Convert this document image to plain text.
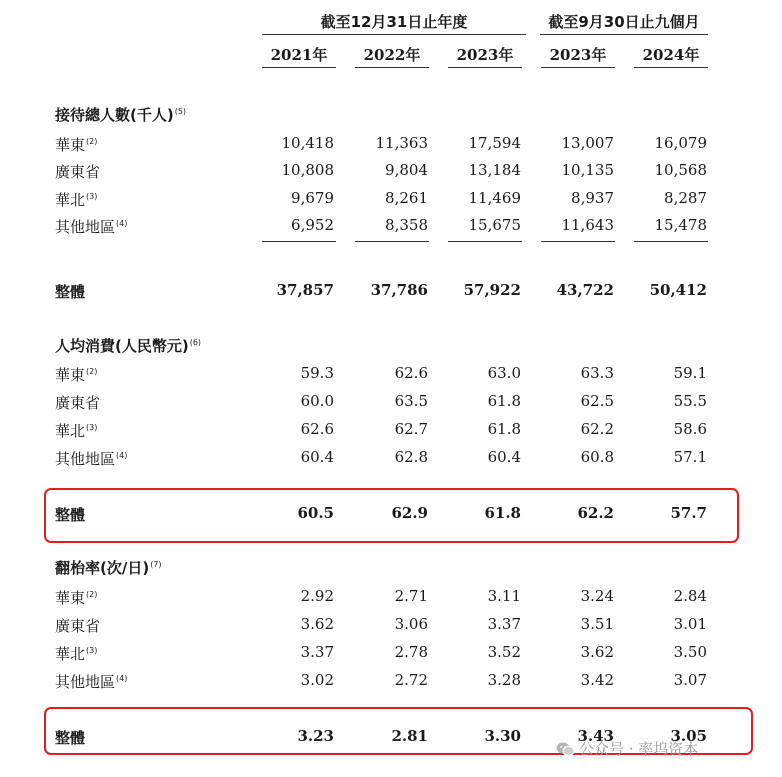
截至12月31日止年度	截至9月30日止九個月
2021年	2022年	2023年	2023年	2024年
接待總人數(千人)$^{(5)}$
華東$^{(2)}$	10,418	11,363	17,594	13,007	16,079
廣東省	10,808	9,804	13,184	10,135	10,568
華北$^{(3)}$	9,679	8,261	11,469	8,937	8,287
其他地區$^{(4)}$	6,952	8,358	15,675	11,643	15,478
整體	37,857	37,786	57,922	43,722	50,412
人均消費(人民幣元)$^{(6)}$
華東$^{(2)}$	59.3	62.6	63.0	63.3	59.1
廣東省	60.0	63.5	61.8	62.5	55.5
華北$^{(3)}$	62.6	62.7	61.8	62.2	58.6
其他地區$^{(4)}$	60.4	62.8	60.4	60.8	57.1
整體	60.5	62.9	61.8	62.2	57.7
翻枱率(次/日)$^{(7)}$
華東$^{(2)}$	2.92	2.71	3.11	3.24	2.84
廣東省	3.62	3.06	3.37	3.51	3.01
華北$^{(3)}$	3.37	2.78	3.52	3.62	3.50
其他地區$^{(4)}$	3.02	2.72	3.28	3.42	3.07
整體	3.23	2.81	3.30	3.43	3.05
公众号 · 率坞资本
